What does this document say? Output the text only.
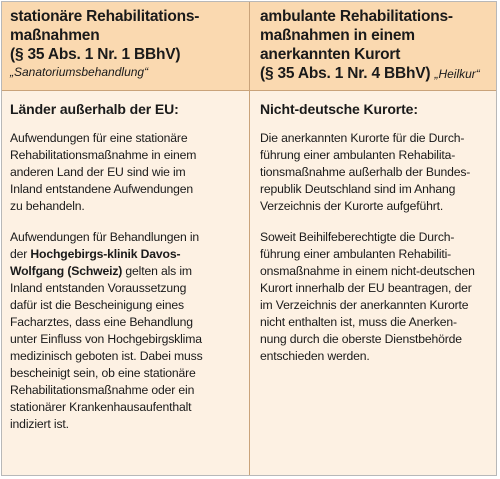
stationäre Rehabilitations-
maßnahmen
(§ 35 Abs. 1 Nr. 1 BBhV)
„Sanatoriumsbehandlung“
ambulante Rehabilitations-
maßnahmen in einem
anerkannten Kurort
(§ 35 Abs. 1 Nr. 4 BBhV) „Heilkur“
Länder außerhalb der EU:

Aufwendungen für eine stationäre
Rehabilitationsmaßnahme in einem
anderen Land der EU sind wie im
Inland entstandene Aufwendungen
zu behandeln.

Aufwendungen für Behandlungen in
der Hochgebirgs-klinik Davos-
Wolfgang (Schweiz) gelten als im
Inland entstanden Voraussetzung
dafür ist die Bescheinigung eines
Facharztes, dass eine Behandlung
unter Einfluss von Hochgebirgsklima
medizinisch geboten ist. Dabei muss
bescheinigt sein, ob eine stationäre
Rehabilitationsmaßnahme oder ein
stationärer Krankenhausaufenthalt
indiziert ist.

Nicht-deutsche Kurorte:

Die anerkannten Kurorte für die Durch-
führung einer ambulanten Rehabilita-
tionsmaßnahme außerhalb der Bundes-
republik Deutschland sind im Anhang
Verzeichnis der Kurorte aufgeführt.

Soweit Beihilfeberechtigte die Durch-
führung einer ambulanten Rehabiliti-
onsmaßnahme in einem nicht-deutschen
Kurort innerhalb der EU beantragen, der
im Verzeichnis der anerkannten Kurorte
nicht enthalten ist, muss die Anerken-
nung durch die oberste Dienstbehörde
entschieden werden.
